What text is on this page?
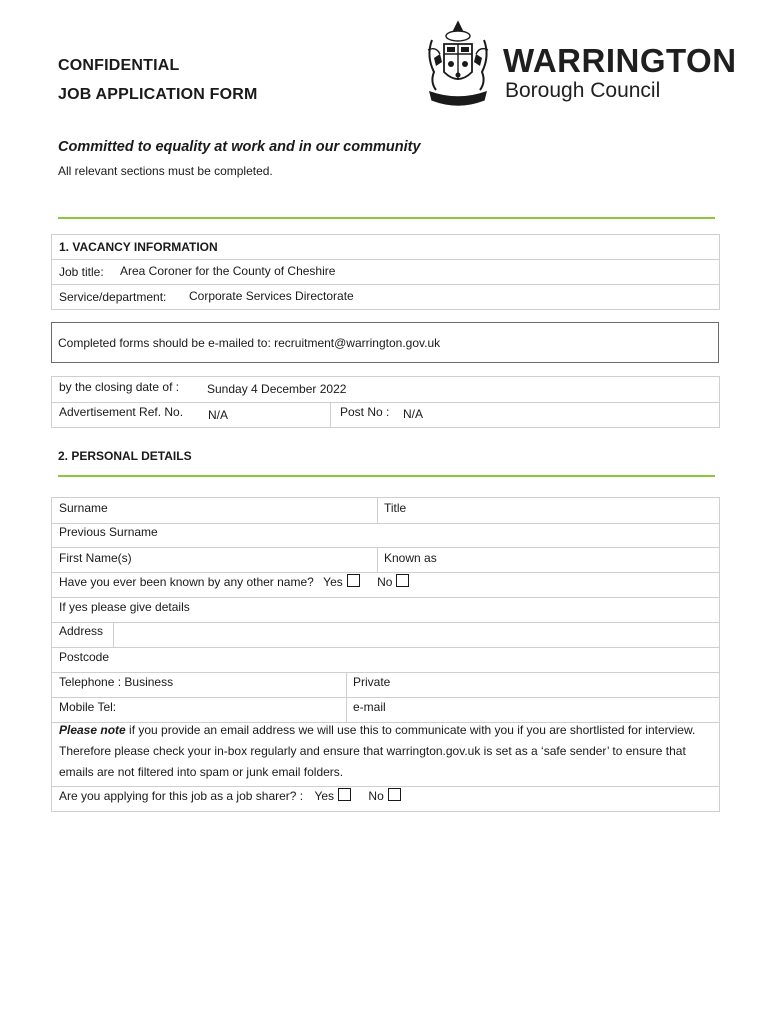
CONFIDENTIAL
JOB APPLICATION FORM
WARRINGTON
Borough Council
Committed to equality at work and in our community
All relevant sections must be completed.
1. VACANCY INFORMATION
Job title: Area Coroner for the County of Cheshire
Service/department: Corporate Services Directorate
Completed forms should be e-mailed to: recruitment@warrington.gov.uk
by the closing date of : Sunday 4 December 2022
Advertisement Ref. No. N/A	Post No : N/A
2. PERSONAL DETAILS
Surname	Title
Previous Surname
First Name(s)	Known as
Have you ever been known by any other name? Yes	No
If yes please give details
Address
Postcode
Telephone : Business	Private
Mobile Tel:	e-mail
Please note if you provide an email address we will use this to communicate with you if you are shortlisted for interview. Therefore please check your in-box regularly and ensure that warrington.gov.uk is set as a ‘safe sender’ to ensure that emails are not filtered into spam or junk email folders.
Are you applying for this job as a job sharer? : Yes	No
